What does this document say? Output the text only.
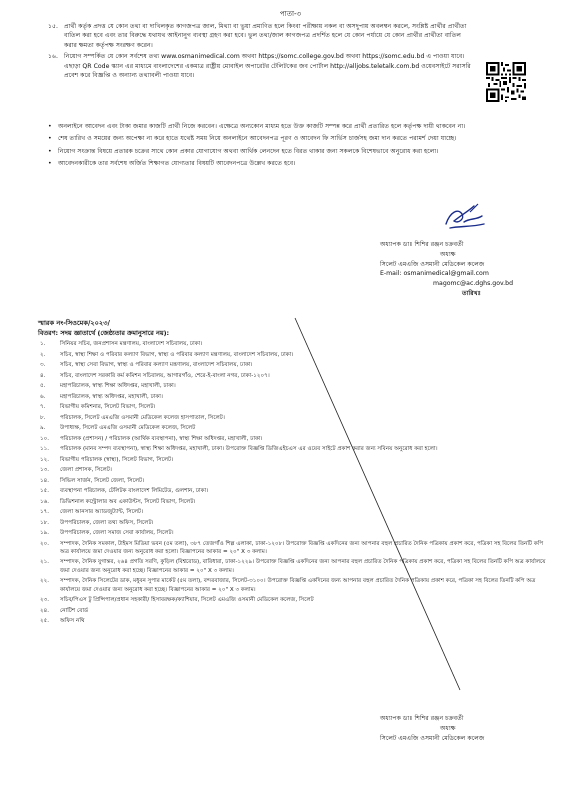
পাতা-৩
১৫. প্রার্থী কর্তৃক প্রদত্ত যে কোন তথ্য বা দাখিলকৃত কাগজপত্র জাল, মিথ্যা বা ভুয়া প্রমাণিত হলে কিংবা পরীক্ষায় নকল বা অসদুপায় অবলম্বন করলে, সংশ্লিষ্ট প্রার্থীর প্রার্থীতা বাতিল করা হবে এবং তার বিরুদ্ধে যথাযথ আইনানুগ ব্যবস্থা গ্রহণ করা হবে। ভুল তথ্য/জাল কাগজপত্র প্রদর্শিত হলে যে কোন পর্যায়ে যে কোন প্রার্থীর প্রার্থীতা বাতিল করার ক্ষমতা কর্তৃপক্ষ সংরক্ষণ করেন।
১৬. নিয়োগ সম্পর্কিত যে কোন সর্বশেষ তথ্য www.osmanimedical.com অথবা https://somc.college.gov.bd অথবা https://somc.edu.bd এ পাওয়া যাবে। এছাড়া QR Code স্ক্যান এর মাধ্যমে বাংলাদেশের একমাত্র রাষ্ট্রীয় মোবাইল অপারেটর টেলিটকের জব পোর্টাল http://alljobs.teletalk.com.bd ওয়েবসাইটে সরাসরি প্রবেশ করে বিজ্ঞপ্তি ও অন্যান্য তথ্যাবলী পাওয়া যাবে।
•	অনলাইনে আবেদন এবং টাকা জমার কাজটি প্রার্থী নিজে করবেন। এক্ষেত্রে অন্যকোন মাধ্যম হতে উক্ত কাজটি সম্পন্ন করে প্রার্থী প্রতারিত হলে কর্তৃপক্ষ দায়ী থাকবেন না।
•	শেষ তারিখ ও সময়ের জন্য অপেক্ষা না করে হাতে যথেষ্ট সময় নিয়ে অনলাইনে আবেদনপত্র পূরণ ও আবেদন ফি সার্ভিস চার্জসহ জমা দান করতে পরামর্শ দেয়া যাচ্ছে।
•	নিয়োগ সংক্রান্ত বিষয়ে প্রতারক চক্রের সাথে কোন প্রকার যোগাযোগ অথবা আর্থিক লেনদেন হতে বিরত থাকার জন্য সকলকে বিশেষভাবে অনুরোধ করা হলো।
•	আবেদনকারীকে তার সর্বশেষ অর্জিত শিক্ষাগত যোগ্যতার বিষয়টি আবেদনপত্রে উল্লেখ করতে হবে।
অধ্যাপক ডাঃ শিশির রঞ্জন চক্রবর্তী
অধ্যক্ষ
সিলেট এমএজি ওসমানী মেডিকেল কলেজ
E-mail: osmanimedical@gmail.com
magomc@ac.dghs.gov.bd
তারিখঃ
স্মারক নং-সিওমেক/২০২৩/
বিতরণ: সদয় জ্ঞাতার্থে (জেষ্ঠ্যতার ক্রমানুসারে নয়):
১.	সিনিয়র সচিব, জনপ্রশাসন মন্ত্রণালয়, বাংলাদেশ সচিবালয়, ঢাকা।
২.	সচিব, স্বাস্থ্য শিক্ষা ও পরিবার কল্যাণ বিভাগ, স্বাস্থ্য ও পরিবার কল্যাণ মন্ত্রণালয়, বাংলাদেশ সচিবালয়, ঢাকা।
৩.	সচিব, স্বাস্থ্য সেবা বিভাগ, স্বাস্থ্য ও পরিবার কল্যাণ মন্ত্রণালয়, বাংলাদেশ সচিবালয়, ঢাকা।
৪.	সচিব, বাংলাদেশ সরকারি কর্ম কমিশন সচিবালয়, আগারগাঁও, শেরে-ই-বাংলা নগর, ঢাকা-১২০৭।
৫.	মহাপরিচালক, স্বাস্থ্য শিক্ষা অধিদপ্তর, মহাখালী, ঢাকা।
৬.	মহাপরিচালক, স্বাস্থ্য অধিদপ্তর, মহাখালী, ঢাকা।
৭.	বিভাগীয় কমিশনার, সিলেট বিভাগ, সিলেট।
৮.	পরিচালক, সিলেট এমএজি ওসমানী মেডিকেল কলেজ হাসপাতাল, সিলেট।
৯.	উপাধ্যক্ষ, সিলেট এমএজি ওসমানী মেডিকেল কলেজ, সিলেট
১০.	পরিচালক (প্রশাসন) / পরিচালক (আর্থিক ব্যবস্থাপনা), স্বাস্থ্য শিক্ষা অধিদপ্তর, মহাখালী, ঢাকা।
১১.	পরিচালক (মানব সম্পদ ব্যবস্থাপনা), স্বাস্থ্য শিক্ষা অধিদপ্তর, মহাখালী, ঢাকা। উপরোক্ত বিজ্ঞপ্তি ডিজিএইচএস এর ওয়েব সাইটে প্রকাশ করার জন্য সবিনয় অনুরোধ করা হলো।
১২.	বিভাগীয় পরিচালক (স্বাস্থ্য), সিলেট বিভাগ, সিলেট।
১৩.	জেলা প্রশাসক, সিলেট।
১৪.	সিভিল সার্জন, সিলেট জেলা, সিলেট।
১৫.	ব্যবস্থাপনা পরিচালক, টেলিটক বাংলাদেশ লিমিটেড, গুলশান, ঢাকা।
১৬.	ডিভিশনাল কন্ট্রোলার অব একাউন্টস, সিলেট বিভাগ, সিলেট।
১৭.	জেলা আনসার অ্যাডজুট্যান্ট, সিলেট।
১৮.	উপপরিচালক, জেলা তথ্য অফিস, সিলেট।
১৯.	উপপরিচালক, জেলা সমাজ সেবা কার্যালয়, সিলেট।
২০.	সম্পাদক, দৈনিক সমকাল, টাইমস মিডিয়া ভবন (৫ম তলা), ৩৮৭ তেজগাঁও শিল্প এলাকা, ঢাকা-১২০৮। উপরোক্ত বিজ্ঞপ্তি একদিনের জন্য আপনার বহুল প্রচারিত দৈনিক পত্রিকায় প্রকাশ করে, পত্রিকা সহ বিলের তিনটি কপি অত্র কার্যালয়ে জমা দেওয়ার জন্য অনুরোধ করা হলো। বিজ্ঞাপনের আকার = ২০" X ৩ কলাম।
২১.	সম্পাদক, দৈনিক যুগান্তর, ২৬৪ প্রগতি সরণি, কুড়িল (বিশ্বরোড), বারিধারা, ঢাকা-১২২৯। উপরোক্ত বিজ্ঞপ্তি একদিনের জন্য আপনার বহুল প্রচারিত দৈনিক পত্রিকায় প্রকাশ করে, পত্রিকা সহ বিলের তিনটি কপি অত্র কার্যালয়ে জমা দেওয়ার জন্য অনুরোধ করা হচ্ছে। বিজ্ঞাপনের আকার = ২০" X ৩ কলাম।
২২.	সম্পাদক, দৈনিক সিলেটের ডাক, মধুবন সুপার মার্কেট (৫ম তলা), বন্দরবাজার, সিলেট-৩১০০। উপরোক্ত বিজ্ঞপ্তি একদিনের জন্য আপনার বহুল প্রচারিত দৈনিক পত্রিকায় প্রকাশ করে, পত্রিকা সহ বিলের তিনটি কপি অত্র কার্যালয়ে জমা দেওয়ার জন্য অনুরোধ করা হচ্ছে। বিজ্ঞাপনের আকার = ২০" X ৩ কলাম।
২৩.	সচিব/পিএস টু প্রিন্সিপাল/প্রধান সহকারী/ হিসাবরক্ষক/ক্যাশিয়ার, সিলেট এমএজি ওসমানী মেডিকেল কলেজ, সিলেট
২৪.	নোটিশ বোর্ড
২৫.	অফিস নথি
অধ্যাপক ডাঃ শিশির রঞ্জন চক্রবর্তী
অধ্যক্ষ
সিলেট এমএজি ওসমানী মেডিকেল কলেজ
